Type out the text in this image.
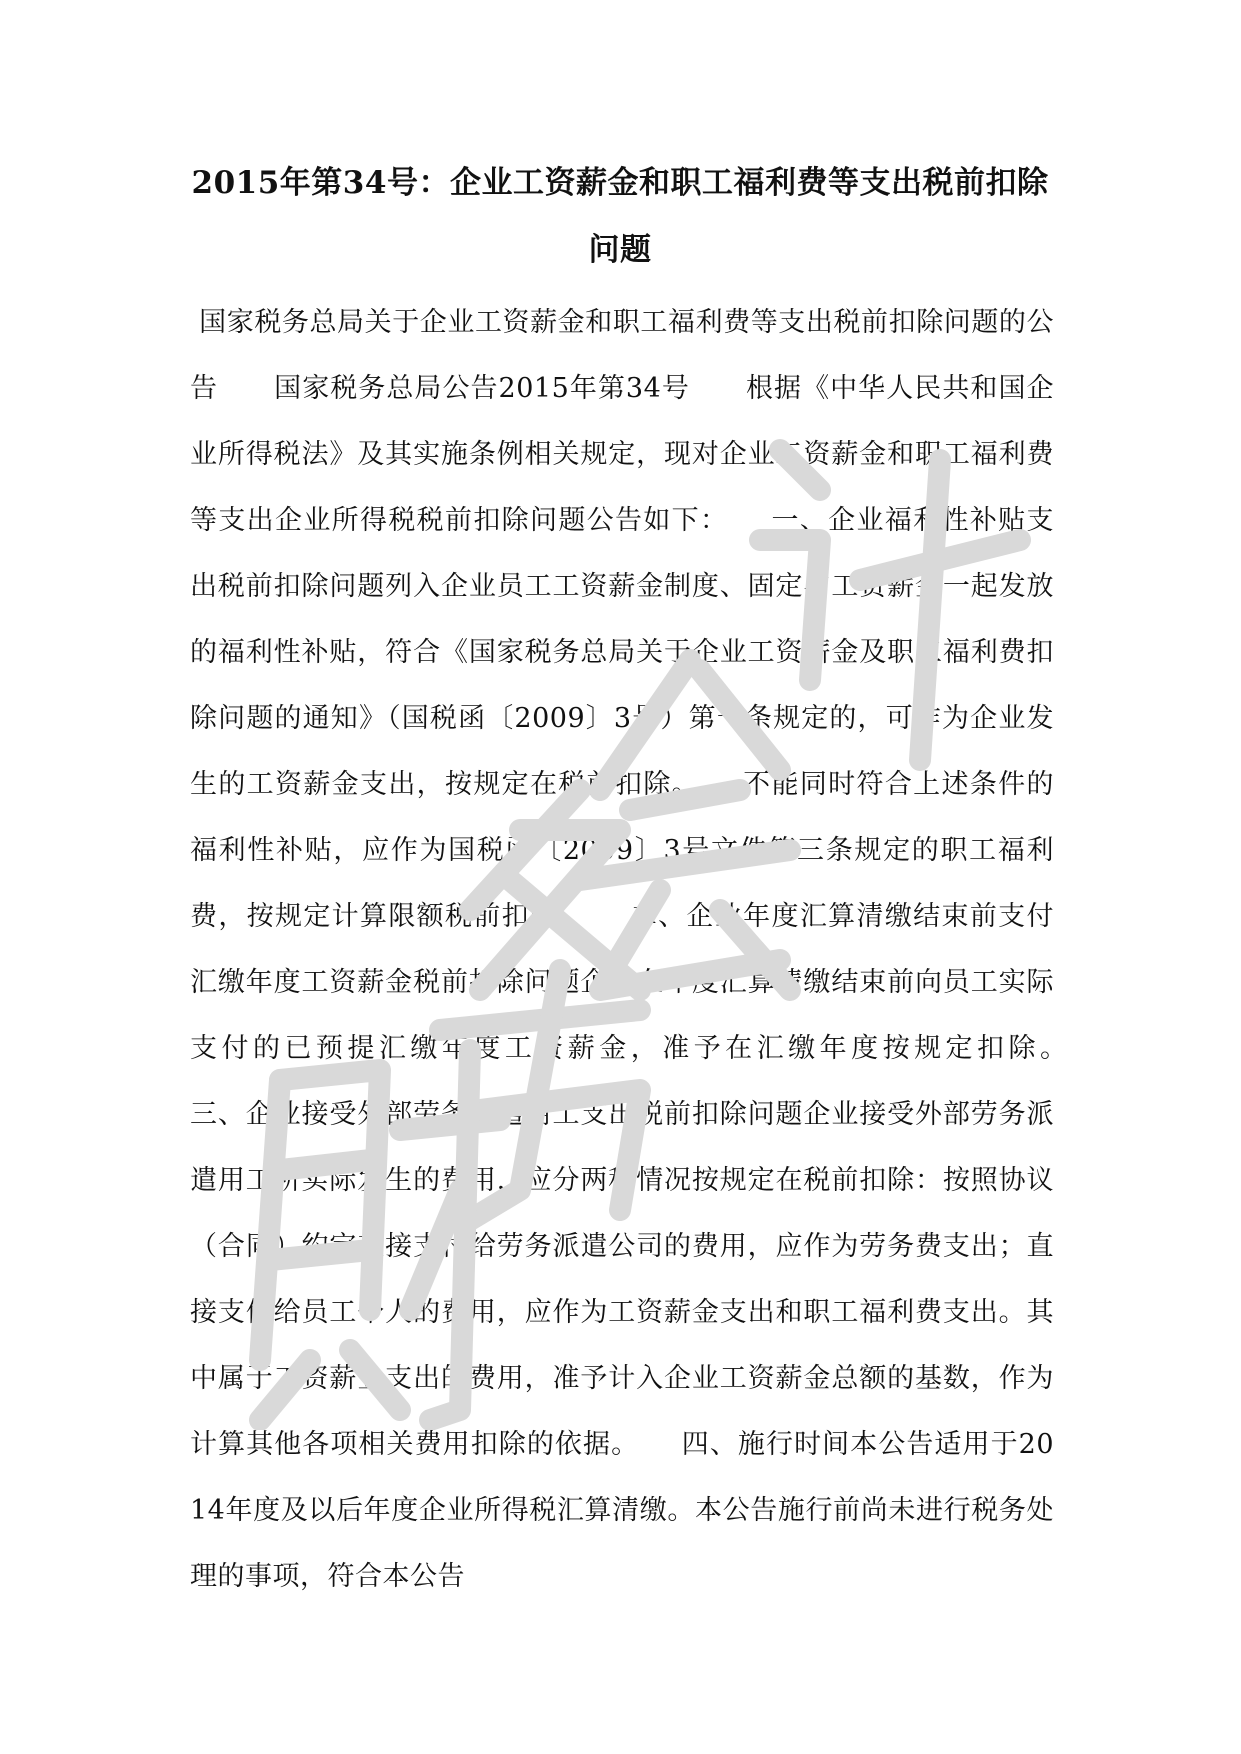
2015年第34号：企业工资薪金和职工福利费等支出税前扣除问题

国家税务总局关于企业工资薪金和职工福利费等支出税前扣除问题的公告　　国家税务总局公告2015年第34号　　根据《中华人民共和国企业所得税法》及其实施条例相关规定，现对企业工资薪金和职工福利费等支出企业所得税税前扣除问题公告如下：　　一、企业福利性补贴支出税前扣除问题列入企业员工工资薪金制度、固定与工资薪金一起发放的福利性补贴，符合《国家税务总局关于企业工资薪金及职工福利费扣除问题的通知》（国税函〔2009〕3号）第一条规定的，可作为企业发生的工资薪金支出，按规定在税前扣除。　　不能同时符合上述条件的福利性补贴，应作为国税函〔2009〕3号文件第三条规定的职工福利费，按规定计算限额税前扣除。　　二、企业年度汇算清缴结束前支付汇缴年度工资薪金税前扣除问题企业在年度汇算清缴结束前向员工实际支付的已预提汇缴年度工资薪金，准予在汇缴年度按规定扣除。　　三、企业接受外部劳务派遣用工支出税前扣除问题企业接受外部劳务派遣用工所实际发生的费用，应分两种情况按规定在税前扣除：按照协议（合同）约定直接支付给劳务派遣公司的费用，应作为劳务费支出；直接支付给员工个人的费用，应作为工资薪金支出和职工福利费支出。其中属于工资薪金支出的费用，准予计入企业工资薪金总额的基数，作为计算其他各项相关费用扣除的依据。　　四、施行时间本公告适用于2014年度及以后年度企业所得税汇算清缴。本公告施行前尚未进行税务处理的事项，符合本公告
